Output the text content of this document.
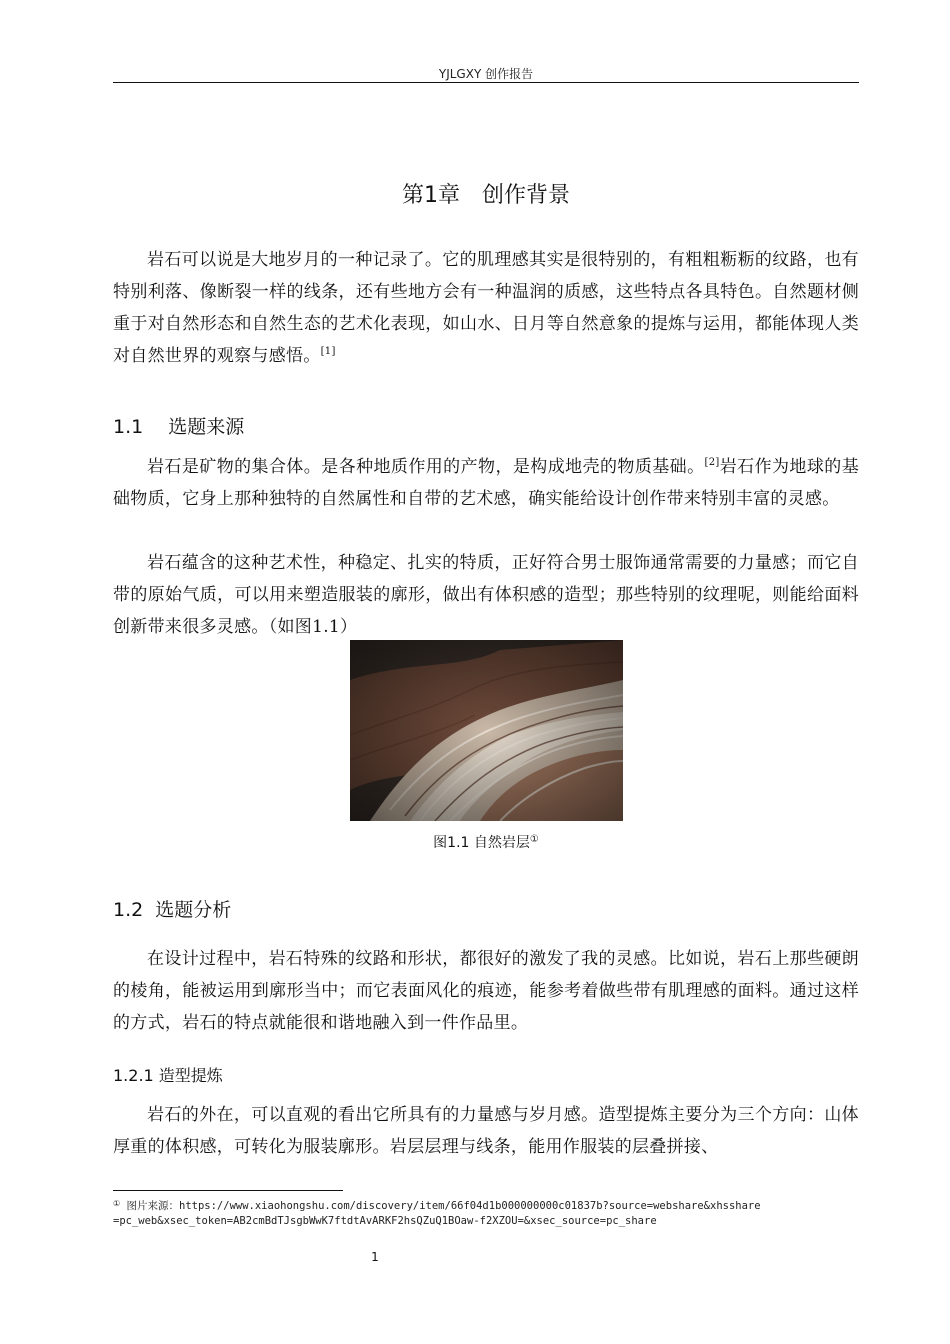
YJLGXY 创作报告
第1章　创作背景

岩石可以说是大地岁月的一种记录了。它的肌理感其实是很特别的，有粗粗粝粝的纹路，也有特别利落、像断裂一样的线条，还有些地方会有一种温润的质感，这些特点各具特色。自然题材侧重于对自然形态和自然生态的艺术化表现，如山水、日月等自然意象的提炼与运用，都能体现人类对自然世界的观察与感悟。[1]

1.1　 选题来源

岩石是矿物的集合体。是各种地质作用的产物，是构成地壳的物质基础。[2]岩石作为地球的基础物质，它身上那种独特的自然属性和自带的艺术感，确实能给设计创作带来特别丰富的灵感。

岩石蕴含的这种艺术性，种稳定、扎实的特质，正好符合男士服饰通常需要的力量感；而它自带的原始气质，可以用来塑造服装的廓形，做出有体积感的造型；那些特别的纹理呢，则能给面料创新带来很多灵感。（如图1.1）

图1.1 自然岩层①
1.2  选题分析

在设计过程中，岩石特殊的纹路和形状，都很好的激发了我的灵感。比如说，岩石上那些硬朗的棱角，能被运用到廓形当中；而它表面风化的痕迹，能参考着做些带有肌理感的面料。通过这样的方式，岩石的特点就能很和谐地融入到一件作品里。

1.2.1 造型提炼

岩石的外在，可以直观的看出它所具有的力量感与岁月感。造型提炼主要分为三个方向：山体厚重的体积感，可转化为服装廓形。岩层层理与线条，能用作服装的层叠拼接、

① 图片来源：https://www.xiaohongshu.com/discovery/item/66f04d1b000000000c01837b?source=webshare&xhsshare=pc_web&xsec_token=AB2cmBdTJsgbWwK7ftdtAvARKF2hsQZuQ1BOaw-f2XZOU=&xsec_source=pc_share
1
